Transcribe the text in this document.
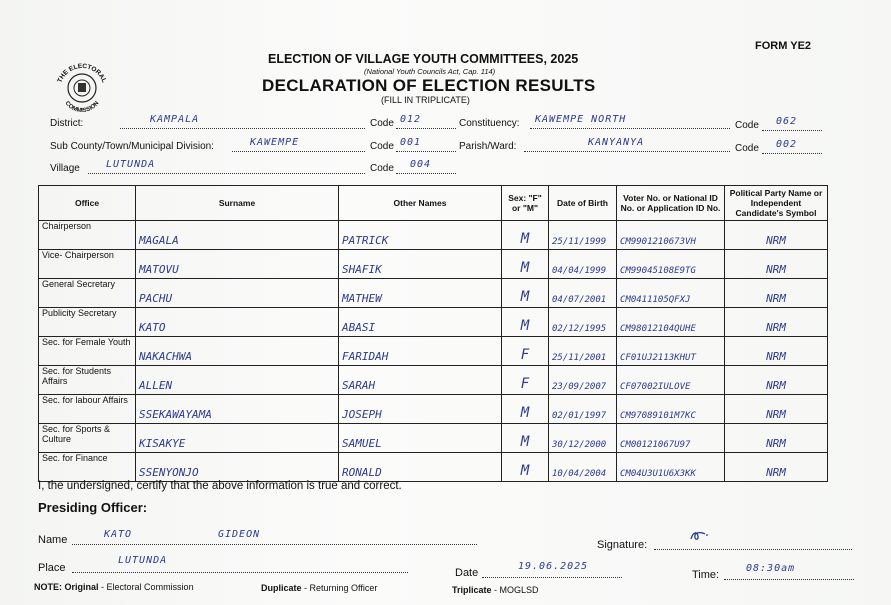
FORM YE2
THE ELECTORAL
COMMISSION
ELECTION OF VILLAGE YOUTH COMMITTEES, 2025
(National Youth Councils Act, Cap. 114)
DECLARATION OF ELECTION RESULTS
(FILL IN TRIPLICATE)
District:	KAMPALA	Code 012	Constituency: KAWEMPE NORTH
Code 062
Sub County/Town/Municipal Division:	KAWEMPE	Code 001	Parish/Ward:	KANYANYA
Code 002
Village	LUTUNDA	Code 004
Office	Surname	Other Names	Sex: "F" or "M"	Date of Birth	Voter No. or National ID No. or Application ID No.	Political Party Name or Independent Candidate's Symbol
Chairperson	MAGALA	PATRICK	M	25/11/1999	CM9901210673VH	NRM
Vice- Chairperson	MATOVU	SHAFIK	M	04/04/1999	CM99045108E9TG	NRM
General Secretary	PACHU	MATHEW	M	04/07/2001	CM0411105QFXJ	NRM
Publicity Secretary	KATO	ABASI	M	02/12/1995	CM98012104QUHE	NRM
Sec. for Female Youth	NAKACHWA	FARIDAH	F	25/11/2001	CF01UJ2113KHUT	NRM
Sec. for Students Affairs	ALLEN	SARAH	F	23/09/2007	CF07002IULOVE	NRM
Sec. for labour Affairs	SSEKAWAYAMA	JOSEPH	M	02/01/1997	CM97089101M7KC	NRM
Sec. for Sports & Culture	KISAKYE	SAMUEL	M	30/12/2000	CM00121067U97	NRM
Sec. for Finance	SSENYONJO	RONALD	M	10/04/2004	CM04U3U1U6X3KK	NRM
I, the undersigned, certify that the above information is true and correct.
Presiding Officer:
Name	KATO	GIDEON
Signature:
Place
LUTUNDA
Date
19.06.2025
Time:
08:30am
NOTE: Original - Electoral Commission	Duplicate - Returning Officer	Triplicate - MOGLSD
